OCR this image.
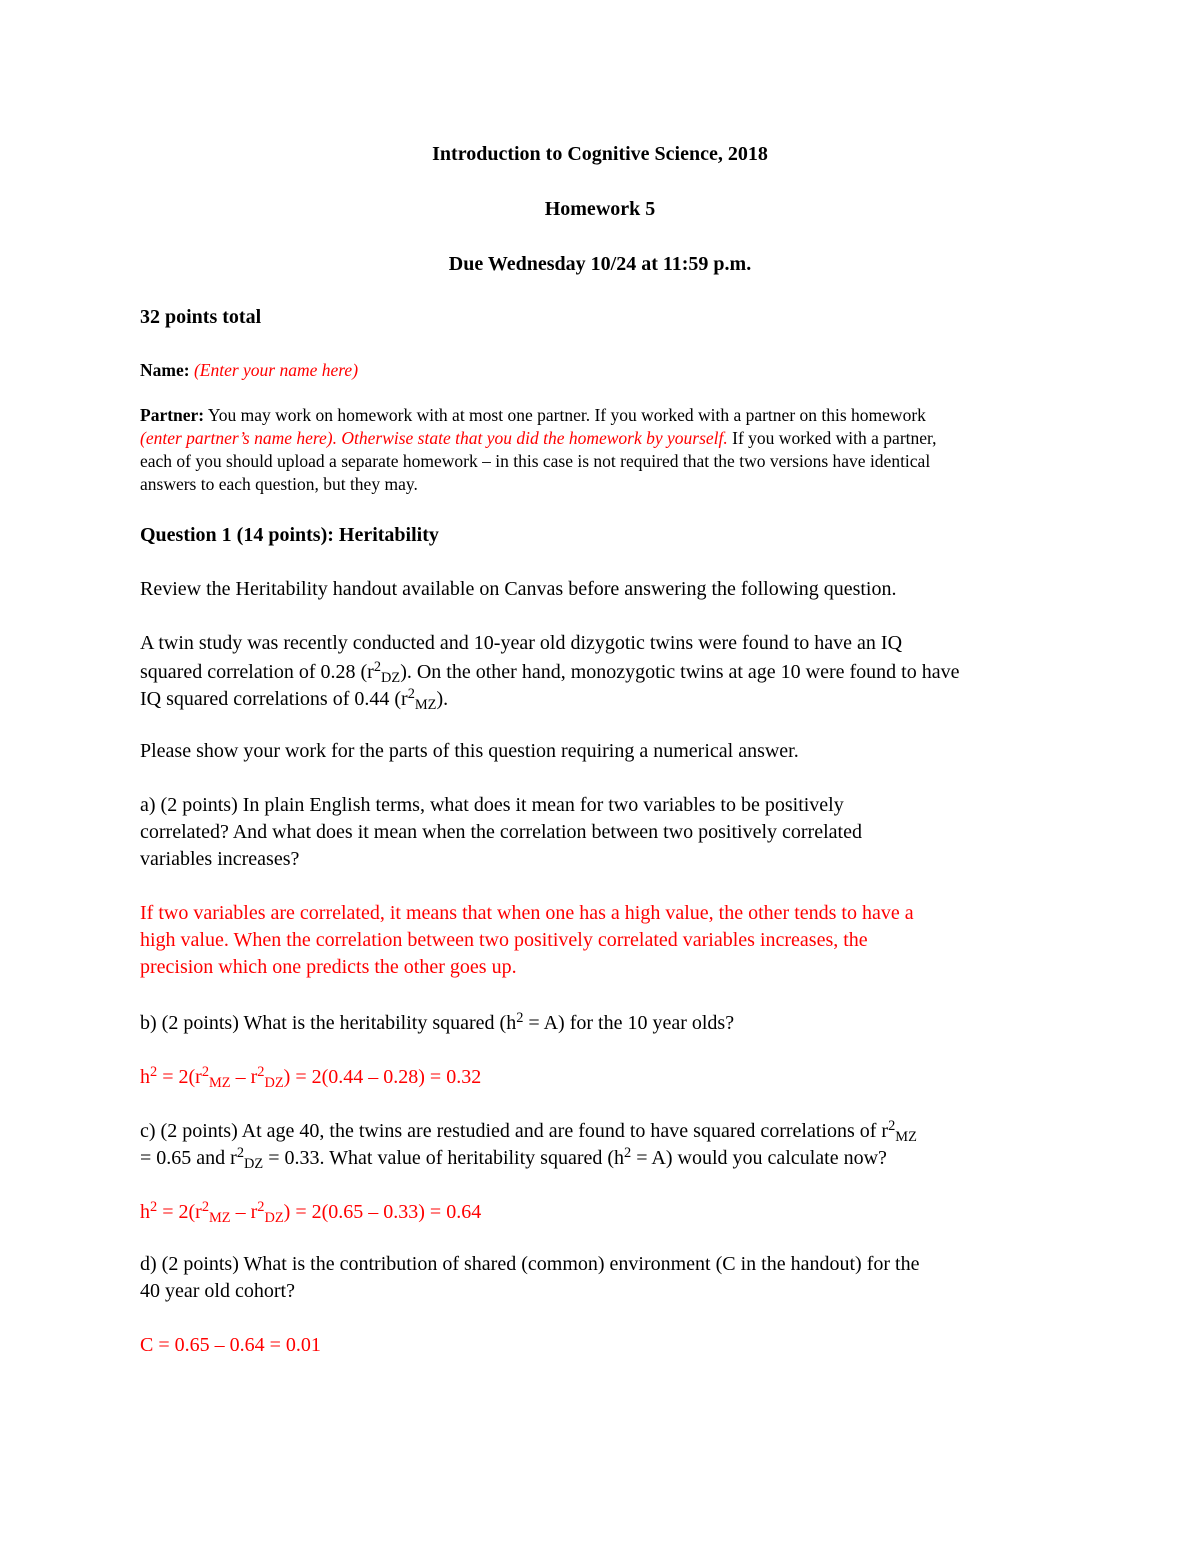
Introduction to Cognitive Science, 2018
Homework 5
Due Wednesday 10/24 at 11:59 p.m.
32 points total
Name: (Enter your name here)
Partner: You may work on homework with at most one partner. If you worked with a partner on this homework
(enter partner’s name here). Otherwise state that you did the homework by yourself. If you worked with a partner,
each of you should upload a separate homework – in this case is not required that the two versions have identical
answers to each question, but they may.
Question 1 (14 points): Heritability
Review the Heritability handout available on Canvas before answering the following question.
A twin study was recently conducted and 10-year old dizygotic twins were found to have an IQ
squared correlation of 0.28 $(r^2_{DZ})$. On the other hand, monozygotic twins at age 10 were found to have
IQ squared correlations of 0.44 $(r^2_{MZ})$.
Please show your work for the parts of this question requiring a numerical answer.
a) (2 points) In plain English terms, what does it mean for two variables to be positively
correlated? And what does it mean when the correlation between two positively correlated
variables increases?
If two variables are correlated, it means that when one has a high value, the other tends to have a
high value. When the correlation between two positively correlated variables increases, the
precision which one predicts the other goes up.
b) (2 points) What is the heritability squared $(h^2 = A)$ for the 10 year olds?
$h^2 = 2(r^2_{MZ} - r^2_{DZ}) = 2(0.44 - 0.28) = 0.32$
c) (2 points) At age 40, the twins are restudied and are found to have squared correlations of $r^2_{MZ}$
= 0.65 and $r^2_{DZ} = 0.33$. What value of heritability squared $(h^2 = A)$ would you calculate now?
$h^2 = 2(r^2_{MZ} - r^2_{DZ}) = 2(0.65 - 0.33) = 0.64$
d) (2 points) What is the contribution of shared (common) environment (C in the handout) for the
40 year old cohort?
C = 0.65 – 0.64 = 0.01
